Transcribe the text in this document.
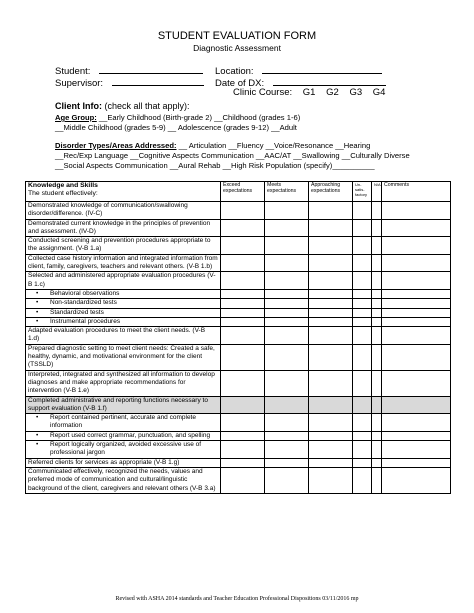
STUDENT EVALUATION FORM
Diagnostic Assessment
Student:	Location:
Supervisor:	Date of DX:
Clinic Course: G1 G2 G3 G4
Client Info: (check all that apply):
Age Group: __Early Childhood (Birth-grade 2) __Childhood (grades 1-6)
__Middle Childhood (grades 5-9) __ Adolescence (grades 9-12) __Adult
Disorder Types/Areas Addressed: __ Articulation __Fluency __Voice/Resonance __Hearing
__Rec/Exp Language __Cognitive Aspects Communication __AAC/AT __Swallowing __Culturally Diverse
__Social Aspects Communication __Aural Rehab __High Risk Population (specify)__________
Knowledge and Skills
The student effectively:	Exceed expectations	Meets expectations	Approaching expectations	Un-satis-factory	N/A	Comments
Demonstrated knowledge of communication/swallowing disorder/difference. (IV-C)						
Demonstrated current knowledge in the principles of prevention and assessment. (IV-D)						
Conducted screening and prevention procedures appropriate to the assignment. (V-B 1.a)						
Collected case history information and integrated information from client, family, caregivers, teachers and relevant others. (V-B 1.b)						
Selected and administered appropriate evaluation procedures (V-B 1.c)						

• Behavioral observations						

• Non-standardized tests						

• Standardized tests						

• Instrumental procedures						

Adapted evaluation procedures to meet the client needs. (V-B 1.d)						
Prepared diagnostic setting to meet client needs: Created a safe, healthy, dynamic, and motivational environment for the client (TSSLD)						
Interpreted, integrated and synthesized all information to develop diagnoses and make appropriate recommendations for intervention (V-B 1.e)						
Completed administrative and reporting functions necessary to support evaluation (V-B 1.f)						

• Report contained pertinent, accurate and complete information						

• Report used correct grammar, punctuation, and spelling						

• Report logically organized, avoided excessive use of professional jargon						

Referred clients for services as appropriate (V-B 1.g)						
Communicated effectively, recognized the needs, values and preferred mode of communication and cultural/linguistic background of the client, caregivers and relevant others (V-B 3.a)						
Revised with ASHA 2014 standards and Teacher Education Professional Dispositions 03/11/2016 mp
